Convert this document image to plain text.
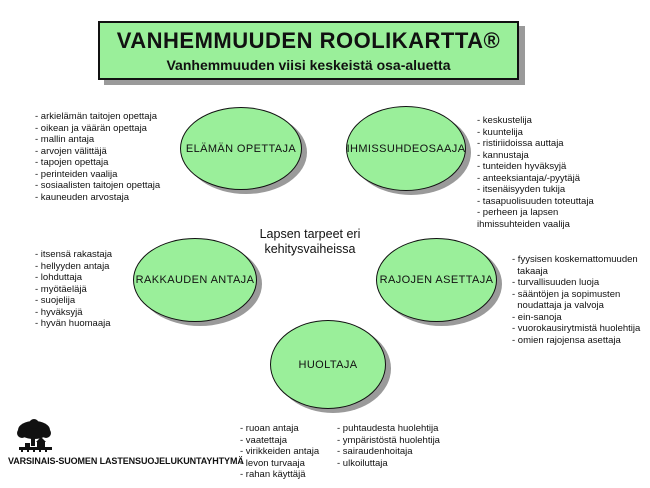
VANHEMMUUDEN ROOLIKARTTA®
Vanhemmuuden viisi keskeistä osa-aluetta
ELÄMÄN OPETTAJA	IHMISSUHDEOSAAJA
RAKKAUDEN ANTAJA	RAJOJEN ASETTAJA
HUOLTAJA
Lapsen tarpeet eri
kehitysvaiheissa
- arkielämän taitojen opettaja
- oikean ja väärän opettaja
- mallin antaja
- arvojen välittäjä
- tapojen opettaja
- perinteiden vaalija
- sosiaalisten taitojen opettaja
- kauneuden arvostaja
- keskustelija
- kuuntelija
- ristiriidoissa auttaja
- kannustaja
- tunteiden hyväksyjä
- anteeksiantaja/-pyytäjä
- itsenäisyyden tukija
- tasapuolisuuden toteuttaja
- perheen ja lapsen
ihmissuhteiden vaalija
- itsensä rakastaja
- hellyyden antaja
- lohduttaja
- myötäeläjä
- suojelija
- hyväksyjä
- hyvän huomaaja
- fyysisen koskemattomuuden
takaaja
- turvallisuuden luoja
- sääntöjen ja sopimusten
noudattaja ja valvoja
- ein-sanoja
- vuorokausirytmistä huolehtija
- omien rajojensa asettaja
- ruoan antaja
- vaatettaja
- virikkeiden antaja
- levon turvaaja
- rahan käyttäjä
- puhtaudesta huolehtija
- ympäristöstä huolehtija
- sairaudenhoitaja
- ulkoiluttaja
VARSINAIS-SUOMEN LASTENSUOJELUKUNTAYHTYMÄ
